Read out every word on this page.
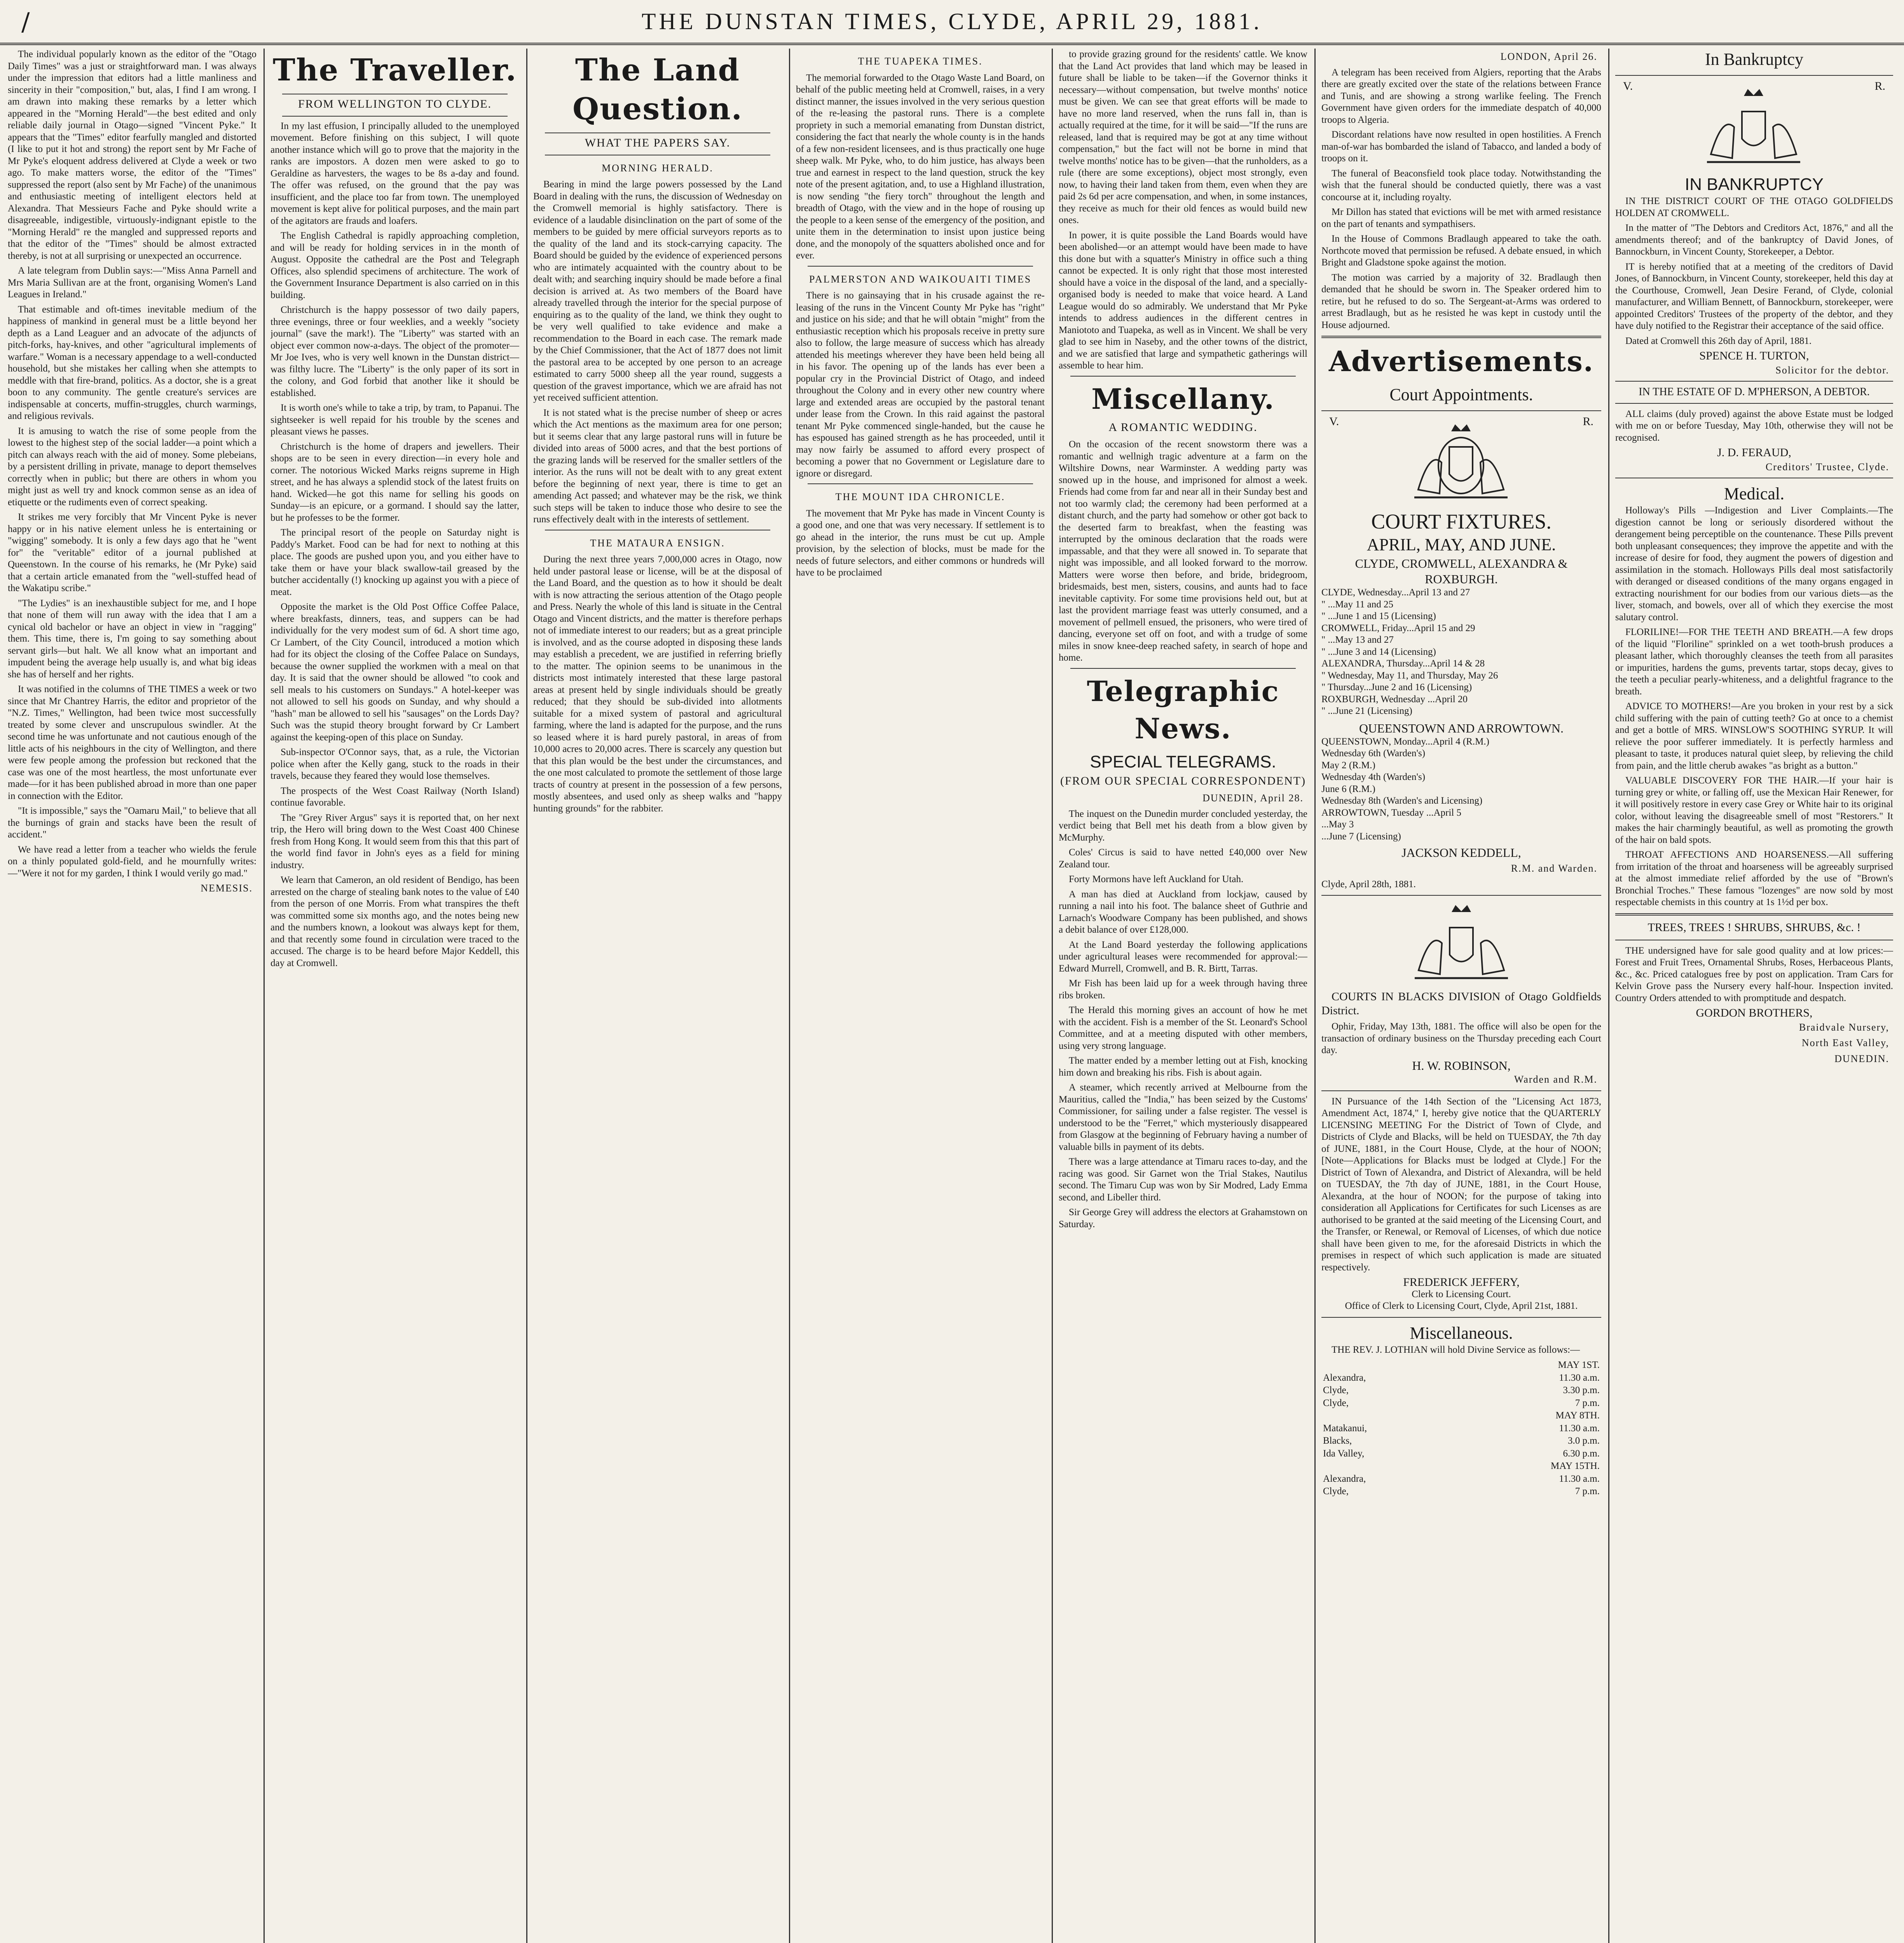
/	THE DUNSTAN TIMES, CLYDE, APRIL 29, 1881.

The individual popularly known as the editor of the "Otago Daily Times" was a just or straightforward man. I was always under the impression that editors had a little manliness and sincerity in their "composition," but, alas, I find I am wrong. I am drawn into making these remarks by a letter which appeared in the "Morning Herald"—the best edited and only reliable daily journal in Otago—signed "Vincent Pyke." It appears that the "Times" editor fearfully mangled and distorted (I like to put it hot and strong) the report sent by Mr Fache of Mr Pyke's eloquent address delivered at Clyde a week or two ago. To make matters worse, the editor of the "Times" suppressed the report (also sent by Mr Fache) of the unanimous and enthusiastic meeting of intelligent electors held at Alexandra. That Messieurs Fache and Pyke should write a disagreeable, indigestible, virtuously-indignant epistle to the "Morning Herald" re the mangled and suppressed reports and that the editor of the "Times" should be almost extracted thereby, is not at all surprising or unexpected an occurrence.

A late telegram from Dublin says:—"Miss Anna Parnell and Mrs Maria Sullivan are at the front, organising Women's Land Leagues in Ireland."

That estimable and oft-times inevitable medium of the happiness of mankind in general must be a little beyond her depth as a Land Leaguer and an advocate of the adjuncts of pitch-forks, hay-knives, and other "agricultural implements of warfare." Woman is a necessary appendage to a well-conducted household, but she mistakes her calling when she attempts to meddle with that fire-brand, politics. As a doctor, she is a great boon to any community. The gentle creature's services are indispensable at concerts, muffin-struggles, church warmings, and religious revivals.

It is amusing to watch the rise of some people from the lowest to the highest step of the social ladder—a point which a pitch can always reach with the aid of money. Some plebeians, by a persistent drilling in private, manage to deport themselves correctly when in public; but there are others in whom you might just as well try and knock common sense as an idea of etiquette or the rudiments even of correct speaking.

It strikes me very forcibly that Mr Vincent Pyke is never happy or in his native element unless he is entertaining or "wigging" somebody. It is only a few days ago that he "went for" the "veritable" editor of a journal published at Queenstown. In the course of his remarks, he (Mr Pyke) said that a certain article emanated from the "well-stuffed head of the Wakatipu scribe."

"The Lydies" is an inexhaustible subject for me, and I hope that none of them will run away with the idea that I am a cynical old bachelor or have an object in view in "ragging" them. This time, there is, I'm going to say something about servant girls—but halt. We all know what an important and impudent being the average help usually is, and what big ideas she has of herself and her rights.

It was notified in the columns of THE TIMES a week or two since that Mr Chantrey Harris, the editor and proprietor of the "N.Z. Times," Wellington, had been twice most successfully treated by some clever and unscrupulous swindler. At the second time he was unfortunate and not cautious enough of the little acts of his neighbours in the city of Wellington, and there were few people among the profession but reckoned that the case was one of the most heartless, the most unfortunate ever made—for it has been published abroad in more than one paper in connection with the Editor.

"It is impossible," says the "Oamaru Mail," to believe that all the burnings of grain and stacks have been the result of accident."

We have read a letter from a teacher who wields the ferule on a thinly populated gold-field, and he mournfully writes:—"Were it not for my garden, I think I would verily go mad."

NEMESIS.
The Traveller.
FROM WELLINGTON TO CLYDE.

In my last effusion, I principally alluded to the unemployed movement. Before finishing on this subject, I will quote another instance which will go to prove that the majority in the ranks are impostors. A dozen men were asked to go to Geraldine as harvesters, the wages to be 8s a-day and found. The offer was refused, on the ground that the pay was insufficient, and the place too far from town. The unemployed movement is kept alive for political purposes, and the main part of the agitators are frauds and loafers.

The English Cathedral is rapidly approaching completion, and will be ready for holding services in in the month of August. Opposite the cathedral are the Post and Telegraph Offices, also splendid specimens of architecture. The work of the Government Insurance Department is also carried on in this building.

Christchurch is the happy possessor of two daily papers, three evenings, three or four weeklies, and a weekly "society journal" (save the mark!). The "Liberty" was started with an object ever common now-a-days. The object of the promoter—Mr Joe Ives, who is very well known in the Dunstan district—was filthy lucre. The "Liberty" is the only paper of its sort in the colony, and God forbid that another like it should be established.

It is worth one's while to take a trip, by tram, to Papanui. The sightseeker is well repaid for his trouble by the scenes and pleasant views he passes.

Christchurch is the home of drapers and jewellers. Their shops are to be seen in every direction—in every hole and corner. The notorious Wicked Marks reigns supreme in High street, and he has always a splendid stock of the latest fruits on hand. Wicked—he got this name for selling his goods on Sunday—is an epicure, or a gormand. I should say the latter, but he professes to be the former.

The principal resort of the people on Saturday night is Paddy's Market. Food can be had for next to nothing at this place. The goods are pushed upon you, and you either have to take them or have your black swallow-tail greased by the butcher accidentally (!) knocking up against you with a piece of meat.

Opposite the market is the Old Post Office Coffee Palace, where breakfasts, dinners, teas, and suppers can be had individually for the very modest sum of 6d. A short time ago, Cr Lambert, of the City Council, introduced a motion which had for its object the closing of the Coffee Palace on Sundays, because the owner supplied the workmen with a meal on that day. It is said that the owner should be allowed "to cook and sell meals to his customers on Sundays." A hotel-keeper was not allowed to sell his goods on Sunday, and why should a "hash" man be allowed to sell his "sausages" on the Lords Day? Such was the stupid theory brought forward by Cr Lambert against the keeping-open of this place on Sunday.

Sub-inspector O'Connor says, that, as a rule, the Victorian police when after the Kelly gang, stuck to the roads in their travels, because they feared they would lose themselves.

The prospects of the West Coast Railway (North Island) continue favorable.

The "Grey River Argus" says it is reported that, on her next trip, the Hero will bring down to the West Coast 400 Chinese fresh from Hong Kong. It would seem from this that this part of the world find favor in John's eyes as a field for mining industry.

We learn that Cameron, an old resident of Bendigo, has been arrested on the charge of stealing bank notes to the value of £40 from the person of one Morris. From what transpires the theft was committed some six months ago, and the notes being new and the numbers known, a lookout was always kept for them, and that recently some found in circulation were traced to the accused. The charge is to be heard before Major Keddell, this day at Cromwell.

The Land Question.
WHAT THE PAPERS SAY.
MORNING HERALD.

Bearing in mind the large powers possessed by the Land Board in dealing with the runs, the discussion of Wednesday on the Cromwell memorial is highly satisfactory. There is evidence of a laudable disinclination on the part of some of the members to be guided by mere official surveyors reports as to the quality of the land and its stock-carrying capacity. The Board should be guided by the evidence of experienced persons who are intimately acquainted with the country about to be dealt with; and searching inquiry should be made before a final decision is arrived at. As two members of the Board have already travelled through the interior for the special purpose of enquiring as to the quality of the land, we think they ought to be very well qualified to take evidence and make a recommendation to the Board in each case. The remark made by the Chief Commissioner, that the Act of 1877 does not limit the pastoral area to be accepted by one person to an acreage estimated to carry 5000 sheep all the year round, suggests a question of the gravest importance, which we are afraid has not yet received sufficient attention.

It is not stated what is the precise number of sheep or acres which the Act mentions as the maximum area for one person; but it seems clear that any large pastoral runs will in future be divided into areas of 5000 acres, and that the best portions of the grazing lands will be reserved for the smaller settlers of the interior. As the runs will not be dealt with to any great extent before the beginning of next year, there is time to get an amending Act passed; and whatever may be the risk, we think such steps will be taken to induce those who desire to see the runs effectively dealt with in the interests of settlement.

THE MATAURA ENSIGN.

During the next three years 7,000,000 acres in Otago, now held under pastoral lease or license, will be at the disposal of the Land Board, and the question as to how it should be dealt with is now attracting the serious attention of the Otago people and Press. Nearly the whole of this land is situate in the Central Otago and Vincent districts, and the matter is therefore perhaps not of immediate interest to our readers; but as a great principle is involved, and as the course adopted in disposing these lands may establish a precedent, we are justified in referring briefly to the matter. The opinion seems to be unanimous in the districts most intimately interested that these large pastoral areas at present held by single individuals should be greatly reduced; that they should be sub-divided into allotments suitable for a mixed system of pastoral and agricultural farming, where the land is adapted for the purpose, and the runs so leased where it is hard purely pastoral, in areas of from 10,000 acres to 20,000 acres. There is scarcely any question but that this plan would be the best under the circumstances, and the one most calculated to promote the settlement of those large tracts of country at present in the possession of a few persons, mostly absentees, and used only as sheep walks and "happy hunting grounds" for the rabbiter.

THE TUAPEKA TIMES.

The memorial forwarded to the Otago Waste Land Board, on behalf of the public meeting held at Cromwell, raises, in a very distinct manner, the issues involved in the very serious question of the re-leasing the pastoral runs. There is a complete propriety in such a memorial emanating from Dunstan district, considering the fact that nearly the whole county is in the hands of a few non-resident licensees, and is thus practically one huge sheep walk. Mr Pyke, who, to do him justice, has always been true and earnest in respect to the land question, struck the key note of the present agitation, and, to use a Highland illustration, is now sending "the fiery torch" throughout the length and breadth of Otago, with the view and in the hope of rousing up the people to a keen sense of the emergency of the position, and unite them in the determination to insist upon justice being done, and the monopoly of the squatters abolished once and for ever.

PALMERSTON AND WAIKOUAITI TIMES

There is no gainsaying that in his crusade against the re-leasing of the runs in the Vincent County Mr Pyke has "right" and justice on his side; and that he will obtain "might" from the enthusiastic reception which his proposals receive in pretty sure also to follow, the large measure of success which has already attended his meetings wherever they have been held being all in his favor. The opening up of the lands has ever been a popular cry in the Provincial District of Otago, and indeed throughout the Colony and in every other new country where large and extended areas are occupied by the pastoral tenant under lease from the Crown. In this raid against the pastoral tenant Mr Pyke commenced single-handed, but the cause he has espoused has gained strength as he has proceeded, until it may now fairly be assumed to afford every prospect of becoming a power that no Government or Legislature dare to ignore or disregard.

THE MOUNT IDA CHRONICLE.

The movement that Mr Pyke has made in Vincent County is a good one, and one that was very necessary. If settlement is to go ahead in the interior, the runs must be cut up. Ample provision, by the selection of blocks, must be made for the needs of future selectors, and either commons or hundreds will have to be proclaimed

to provide grazing ground for the residents' cattle. We know that the Land Act provides that land which may be leased in future shall be liable to be taken—if the Governor thinks it necessary—without compensation, but twelve months' notice must be given. We can see that great efforts will be made to have no more land reserved, when the runs fall in, than is actually required at the time, for it will be said—"If the runs are released, land that is required may be got at any time without compensation," but the fact will not be borne in mind that twelve months' notice has to be given—that the runholders, as a rule (there are some exceptions), object most strongly, even now, to having their land taken from them, even when they are paid 2s 6d per acre compensation, and when, in some instances, they receive as much for their old fences as would build new ones.

In power, it is quite possible the Land Boards would have been abolished—or an attempt would have been made to have this done but with a squatter's Ministry in office such a thing cannot be expected. It is only right that those most interested should have a voice in the disposal of the land, and a specially-organised body is needed to make that voice heard. A Land League would do so admirably. We understand that Mr Pyke intends to address audiences in the different centres in Maniototo and Tuapeka, as well as in Vincent. We shall be very glad to see him in Naseby, and the other towns of the district, and we are satisfied that large and sympathetic gatherings will assemble to hear him.

Miscellany.
A ROMANTIC WEDDING.

On the occasion of the recent snowstorm there was a romantic and wellnigh tragic adventure at a farm on the Wiltshire Downs, near Warminster. A wedding party was snowed up in the house, and imprisoned for almost a week. Friends had come from far and near all in their Sunday best and not too warmly clad; the ceremony had been performed at a distant church, and the party had somehow or other got back to the deserted farm to breakfast, when the feasting was interrupted by the ominous declaration that the roads were impassable, and that they were all snowed in. To separate that night was impossible, and all looked forward to the morrow. Matters were worse then before, and bride, bridegroom, bridesmaids, best men, sisters, cousins, and aunts had to face inevitable captivity. For some time provisions held out, but at last the provident marriage feast was utterly consumed, and a movement of pellmell ensued, the prisoners, who were tired of dancing, everyone set off on foot, and with a trudge of some miles in snow knee-deep reached safety, in search of hope and home.

Telegraphic News.
SPECIAL TELEGRAMS.
(FROM OUR SPECIAL CORRESPONDENT)
DUNEDIN, April 28.

The inquest on the Dunedin murder concluded yesterday, the verdict being that Bell met his death from a blow given by McMurphy.

Coles' Circus is said to have netted £40,000 over New Zealand tour.

Forty Mormons have left Auckland for Utah.

A man has died at Auckland from lockjaw, caused by running a nail into his foot. The balance sheet of Guthrie and Larnach's Woodware Company has been published, and shows a debit balance of over £128,000.

At the Land Board yesterday the following applications under agricultural leases were recommended for approval:—Edward Murrell, Cromwell, and B. R. Birtt, Tarras.

Mr Fish has been laid up for a week through having three ribs broken.

The Herald this morning gives an account of how he met with the accident. Fish is a member of the St. Leonard's School Committee, and at a meeting disputed with other members, using very strong language.

The matter ended by a member letting out at Fish, knocking him down and breaking his ribs. Fish is about again.

A steamer, which recently arrived at Melbourne from the Mauritius, called the "India," has been seized by the Customs' Commissioner, for sailing under a false register. The vessel is understood to be the "Ferret," which mysteriously disappeared from Glasgow at the beginning of February having a number of valuable bills in payment of its debts.

There was a large attendance at Timaru races to-day, and the racing was good. Sir Garnet won the Trial Stakes, Nautilus second. The Timaru Cup was won by Sir Modred, Lady Emma second, and Libeller third.

Sir George Grey will address the electors at Grahamstown on Saturday.

LONDON, April 26.

A telegram has been received from Algiers, reporting that the Arabs there are greatly excited over the state of the relations between France and Tunis, and are showing a strong warlike feeling. The French Government have given orders for the immediate despatch of 40,000 troops to Algeria.

Discordant relations have now resulted in open hostilities. A French man-of-war has bombarded the island of Tabacco, and landed a body of troops on it.

The funeral of Beaconsfield took place today. Notwithstanding the wish that the funeral should be conducted quietly, there was a vast concourse at it, including royalty.

Mr Dillon has stated that evictions will be met with armed resistance on the part of tenants and sympathisers.

In the House of Commons Bradlaugh appeared to take the oath. Northcote moved that permission be refused. A debate ensued, in which Bright and Gladstone spoke against the motion.

The motion was carried by a majority of 32. Bradlaugh then demanded that he should be sworn in. The Speaker ordered him to retire, but he refused to do so. The Sergeant-at-Arms was ordered to arrest Bradlaugh, but as he resisted he was kept in custody until the House adjourned.

Advertisements.
Court Appointments.
V.	R.
COURT FIXTURES.
APRIL, MAY, AND JUNE.
CLYDE, CROMWELL, ALEXANDRA & ROXBURGH.
CLYDE, Wednesday...April 13 and 27
" ...May 11 and 25
" ...June 1 and 15 (Licensing)
CROMWELL, Friday...April 15 and 29
" ...May 13 and 27
" ...June 3 and 14 (Licensing)
ALEXANDRA, Thursday...April 14 & 28
" Wednesday, May 11, and Thursday, May 26
" Thursday...June 2 and 16 (Licensing)
ROXBURGH, Wednesday ...April 20
" ...June 21 (Licensing)
QUEENSTOWN AND ARROWTOWN.
QUEENSTOWN, Monday...April 4 (R.M.)
Wednesday 6th (Warden's)
May 2 (R.M.)
Wednesday 4th (Warden's)
June 6 (R.M.)
Wednesday 8th (Warden's and Licensing)
ARROWTOWN, Tuesday ...April 5
...May 3
...June 7 (Licensing)
JACKSON KEDDELL,
R.M. and Warden.
Clyde, April 28th, 1881.

COURTS IN BLACKS DIVISION of Otago Goldfields District.

Ophir, Friday, May 13th, 1881. The office will also be open for the transaction of ordinary business on the Thursday preceding each Court day.

H. W. ROBINSON,
Warden and R.M.

IN Pursuance of the 14th Section of the "Licensing Act 1873, Amendment Act, 1874," I, hereby give notice that the QUARTERLY LICENSING MEETING For the District of Town of Clyde, and Districts of Clyde and Blacks, will be held on TUESDAY, the 7th day of JUNE, 1881, in the Court House, Clyde, at the hour of NOON; [Note—Applications for Blacks must be lodged at Clyde.] For the District of Town of Alexandra, and District of Alexandra, will be held on TUESDAY, the 7th day of JUNE, 1881, in the Court House, Alexandra, at the hour of NOON; for the purpose of taking into consideration all Applications for Certificates for such Licenses as are authorised to be granted at the said meeting of the Licensing Court, and the Transfer, or Renewal, or Removal of Licenses, of which due notice shall have been given to me, for the aforesaid Districts in which the premises in respect of which such application is made are situated respectively.

FREDERICK JEFFERY,
Clerk to Licensing Court.
Office of Clerk to Licensing Court, Clyde, April 21st, 1881.
Miscellaneous.

THE REV. J. LOTHIAN will hold Divine Service as follows:—

	MAY 1ST.
Alexandra,	11.30 a.m.
Clyde,	3.30 p.m.
Clyde,	7 p.m.
	MAY 8TH.
Matakanui,	11.30 a.m.
Blacks,	3.0 p.m.
Ida Valley,	6.30 p.m.
	MAY 15TH.
Alexandra,	11.30 a.m.
Clyde,	7 p.m.
In Bankruptcy
V.	R.
IN BANKRUPTCY

IN THE DISTRICT COURT OF THE OTAGO GOLDFIELDS HOLDEN AT CROMWELL.

In the matter of "The Debtors and Creditors Act, 1876," and all the amendments thereof; and of the bankruptcy of David Jones, of Bannockburn, in Vincent County, Storekeeper, a Debtor.

IT is hereby notified that at a meeting of the creditors of David Jones, of Bannockburn, in Vincent County, storekeeper, held this day at the Courthouse, Cromwell, Jean Desire Ferand, of Clyde, colonial manufacturer, and William Bennett, of Bannockburn, storekeeper, were appointed Creditors' Trustees of the property of the debtor, and they have duly notified to the Registrar their acceptance of the said office.

Dated at Cromwell this 26th day of April, 1881.

SPENCE H. TURTON,
Solicitor for the debtor.
IN THE ESTATE OF D. M'PHERSON, A DEBTOR.

ALL claims (duly proved) against the above Estate must be lodged with me on or before Tuesday, May 10th, otherwise they will not be recognised.

J. D. FERAUD,
Creditors' Trustee, Clyde.
Medical.

Holloway's Pills —Indigestion and Liver Complaints.—The digestion cannot be long or seriously disordered without the derangement being perceptible on the countenance. These Pills prevent both unpleasant consequences; they improve the appetite and with the increase of desire for food, they augment the powers of digestion and assimilation in the stomach. Holloways Pills deal most satisfactorily with deranged or diseased conditions of the many organs engaged in extracting nourishment for our bodies from our various diets—as the liver, stomach, and bowels, over all of which they exercise the most salutary control.

FLORILINE!—FOR THE TEETH AND BREATH.—A few drops of the liquid "Floriline" sprinkled on a wet tooth-brush produces a pleasant lather, which thoroughly cleanses the teeth from all parasites or impurities, hardens the gums, prevents tartar, stops decay, gives to the teeth a peculiar pearly-whiteness, and a delightful fragrance to the breath.

ADVICE TO MOTHERS!—Are you broken in your rest by a sick child suffering with the pain of cutting teeth? Go at once to a chemist and get a bottle of MRS. WINSLOW'S SOOTHING SYRUP. It will relieve the poor sufferer immediately. It is perfectly harmless and pleasant to taste, it produces natural quiet sleep, by relieving the child from pain, and the little cherub awakes "as bright as a button."

VALUABLE DISCOVERY FOR THE HAIR.—If your hair is turning grey or white, or falling off, use the Mexican Hair Renewer, for it will positively restore in every case Grey or White hair to its original color, without leaving the disagreeable smell of most "Restorers." It makes the hair charmingly beautiful, as well as promoting the growth of the hair on bald spots.

THROAT AFFECTIONS AND HOARSENESS.—All suffering from irritation of the throat and hoarseness will be agreeably surprised at the almost immediate relief afforded by the use of "Brown's Bronchial Troches." These famous "lozenges" are now sold by most respectable chemists in this country at 1s 1½d per box.

TREES, TREES ! SHRUBS, SHRUBS, &c. !

THE undersigned have for sale good quality and at low prices:— Forest and Fruit Trees, Ornamental Shrubs, Roses, Herbaceous Plants, &c., &c. Priced catalogues free by post on application. Tram Cars for Kelvin Grove pass the Nursery every half-hour. Inspection invited. Country Orders attended to with promptitude and despatch.

GORDON BROTHERS,
Braidvale Nursery,
North East Valley,
DUNEDIN.
